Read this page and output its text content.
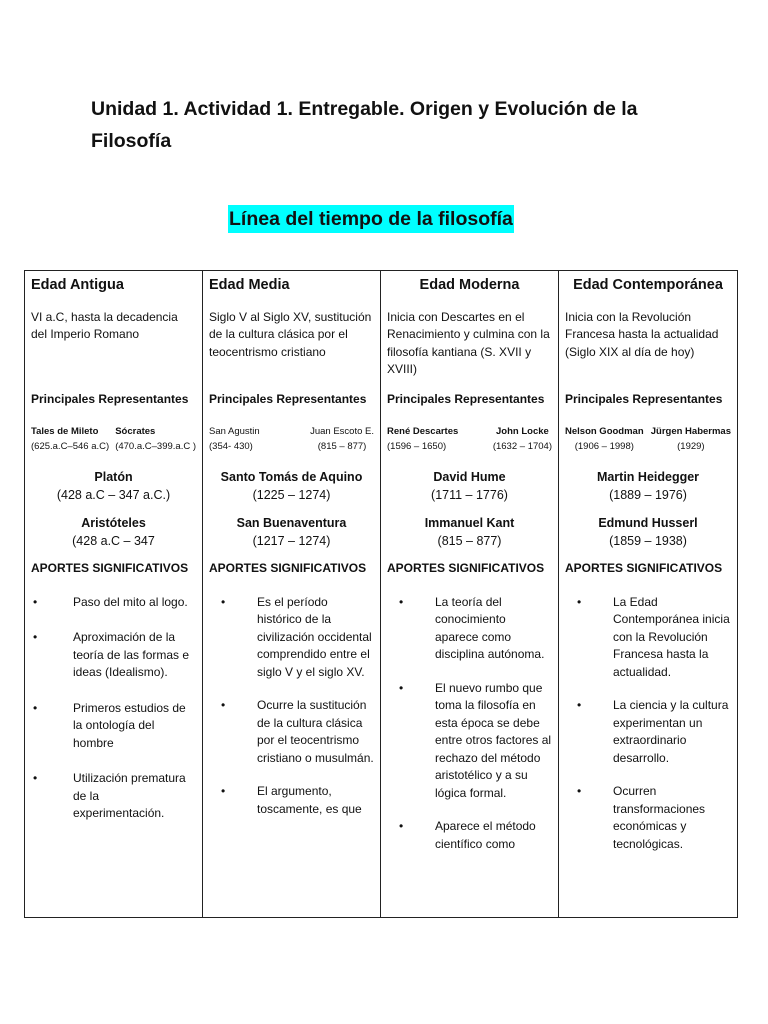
Unidad 1. Actividad 1. Entregable. Origen y Evolución de la Filosofía
Línea del tiempo de la filosofía
Edad Antigua
VI a.C, hasta la decadencia del Imperio Romano
Principales Representantes
Tales de Mileto
(625.a.C–546 a.C)
Sócrates
(470.a.C–399.a.C )
Platón
(428 a.C – 347 a.C.)
Aristóteles
(428 a.C – 347
APORTES SIGNIFICATIVOS
•	Paso del mito al logo.
•	Aproximación de la teoría de las formas e ideas (Idealismo).
•	Primeros estudios de la ontología del hombre
•	Utilización prematura de la experimentación.

Edad Media
Siglo V al Siglo XV, sustitución de la cultura clásica por el teocentrismo cristiano
Principales Representantes
San Agustin
(354- 430)
Juan Escoto E.
(815 – 877)
Santo Tomás de Aquino
(1225 – 1274)
San Buenaventura
(1217 – 1274)
APORTES SIGNIFICATIVOS
•	Es el período histórico de la civilización occidental comprendido entre el siglo V y el siglo XV.
•	Ocurre la sustitución de la cultura clásica por el teocentrismo cristiano o musulmán.
•	El argumento, toscamente, es que

Edad Moderna
Inicia con Descartes en el Renacimiento y culmina con la filosofía kantiana (S. XVII y XVIII)
Principales Representantes
René Descartes
(1596 – 1650)
John Locke
(1632 – 1704)
David Hume
(1711 – 1776)
Immanuel Kant
(815 – 877)
APORTES SIGNIFICATIVOS
•	La teoría del conocimiento aparece como disciplina autónoma.
•	El nuevo rumbo que toma la filosofía en esta época se debe entre otros factores al rechazo del método aristotélico y a su lógica formal.
•	Aparece el método científico como

Edad Contemporánea
Inicia con la Revolución Francesa hasta la actualidad (Siglo XIX al día de hoy)
Principales Representantes
Nelson Goodman
(1906 – 1998)
Jürgen Habermas
(1929)
Martin Heidegger
(1889 – 1976)
Edmund Husserl
(1859 – 1938)
APORTES SIGNIFICATIVOS
•	La Edad Contemporánea inicia con la Revolución Francesa hasta la actualidad.
•	La ciencia y la cultura experimentan un extraordinario desarrollo.
•	Ocurren transformaciones económicas y tecnológicas.
